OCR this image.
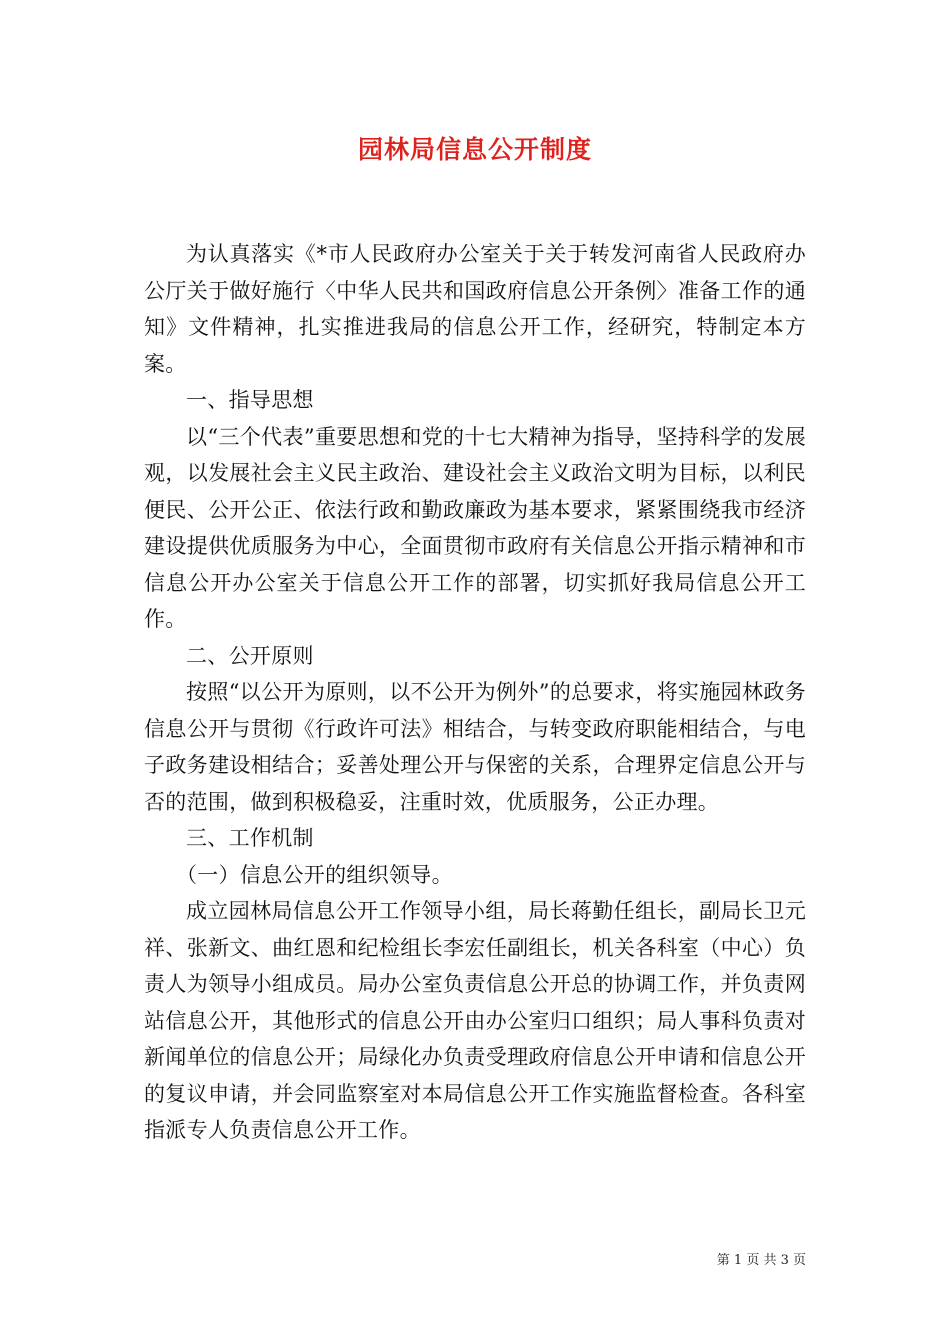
园林局信息公开制度

为认真落实《*市人民政府办公室关于关于转发河南省人民政府办公厅关于做好施行〈中华人民共和国政府信息公开条例〉准备工作的通知》文件精神，扎实推进我局的信息公开工作，经研究，特制定本方案。

一、指导思想

以“三个代表”重要思想和党的十七大精神为指导，坚持科学的发展观，以发展社会主义民主政治、建设社会主义政治文明为目标，以利民便民、公开公正、依法行政和勤政廉政为基本要求，紧紧围绕我市经济建设提供优质服务为中心，全面贯彻市政府有关信息公开指示精神和市信息公开办公室关于信息公开工作的部署，切实抓好我局信息公开工作。

二、公开原则

按照“以公开为原则，以不公开为例外”的总要求，将实施园林政务信息公开与贯彻《行政许可法》相结合，与转变政府职能相结合，与电子政务建设相结合；妥善处理公开与保密的关系，合理界定信息公开与否的范围，做到积极稳妥，注重时效，优质服务，公正办理。

三、工作机制

（一）信息公开的组织领导。

成立园林局信息公开工作领导小组，局长蒋勤任组长，副局长卫元祥、张新文、曲红恩和纪检组长李宏任副组长，机关各科室（中心）负责人为领导小组成员。局办公室负责信息公开总的协调工作，并负责网站信息公开，其他形式的信息公开由办公室归口组织；局人事科负责对新闻单位的信息公开；局绿化办负责受理政府信息公开申请和信息公开的复议申请，并会同监察室对本局信息公开工作实施监督检查。各科室指派专人负责信息公开工作。

第 1 页 共 3 页
